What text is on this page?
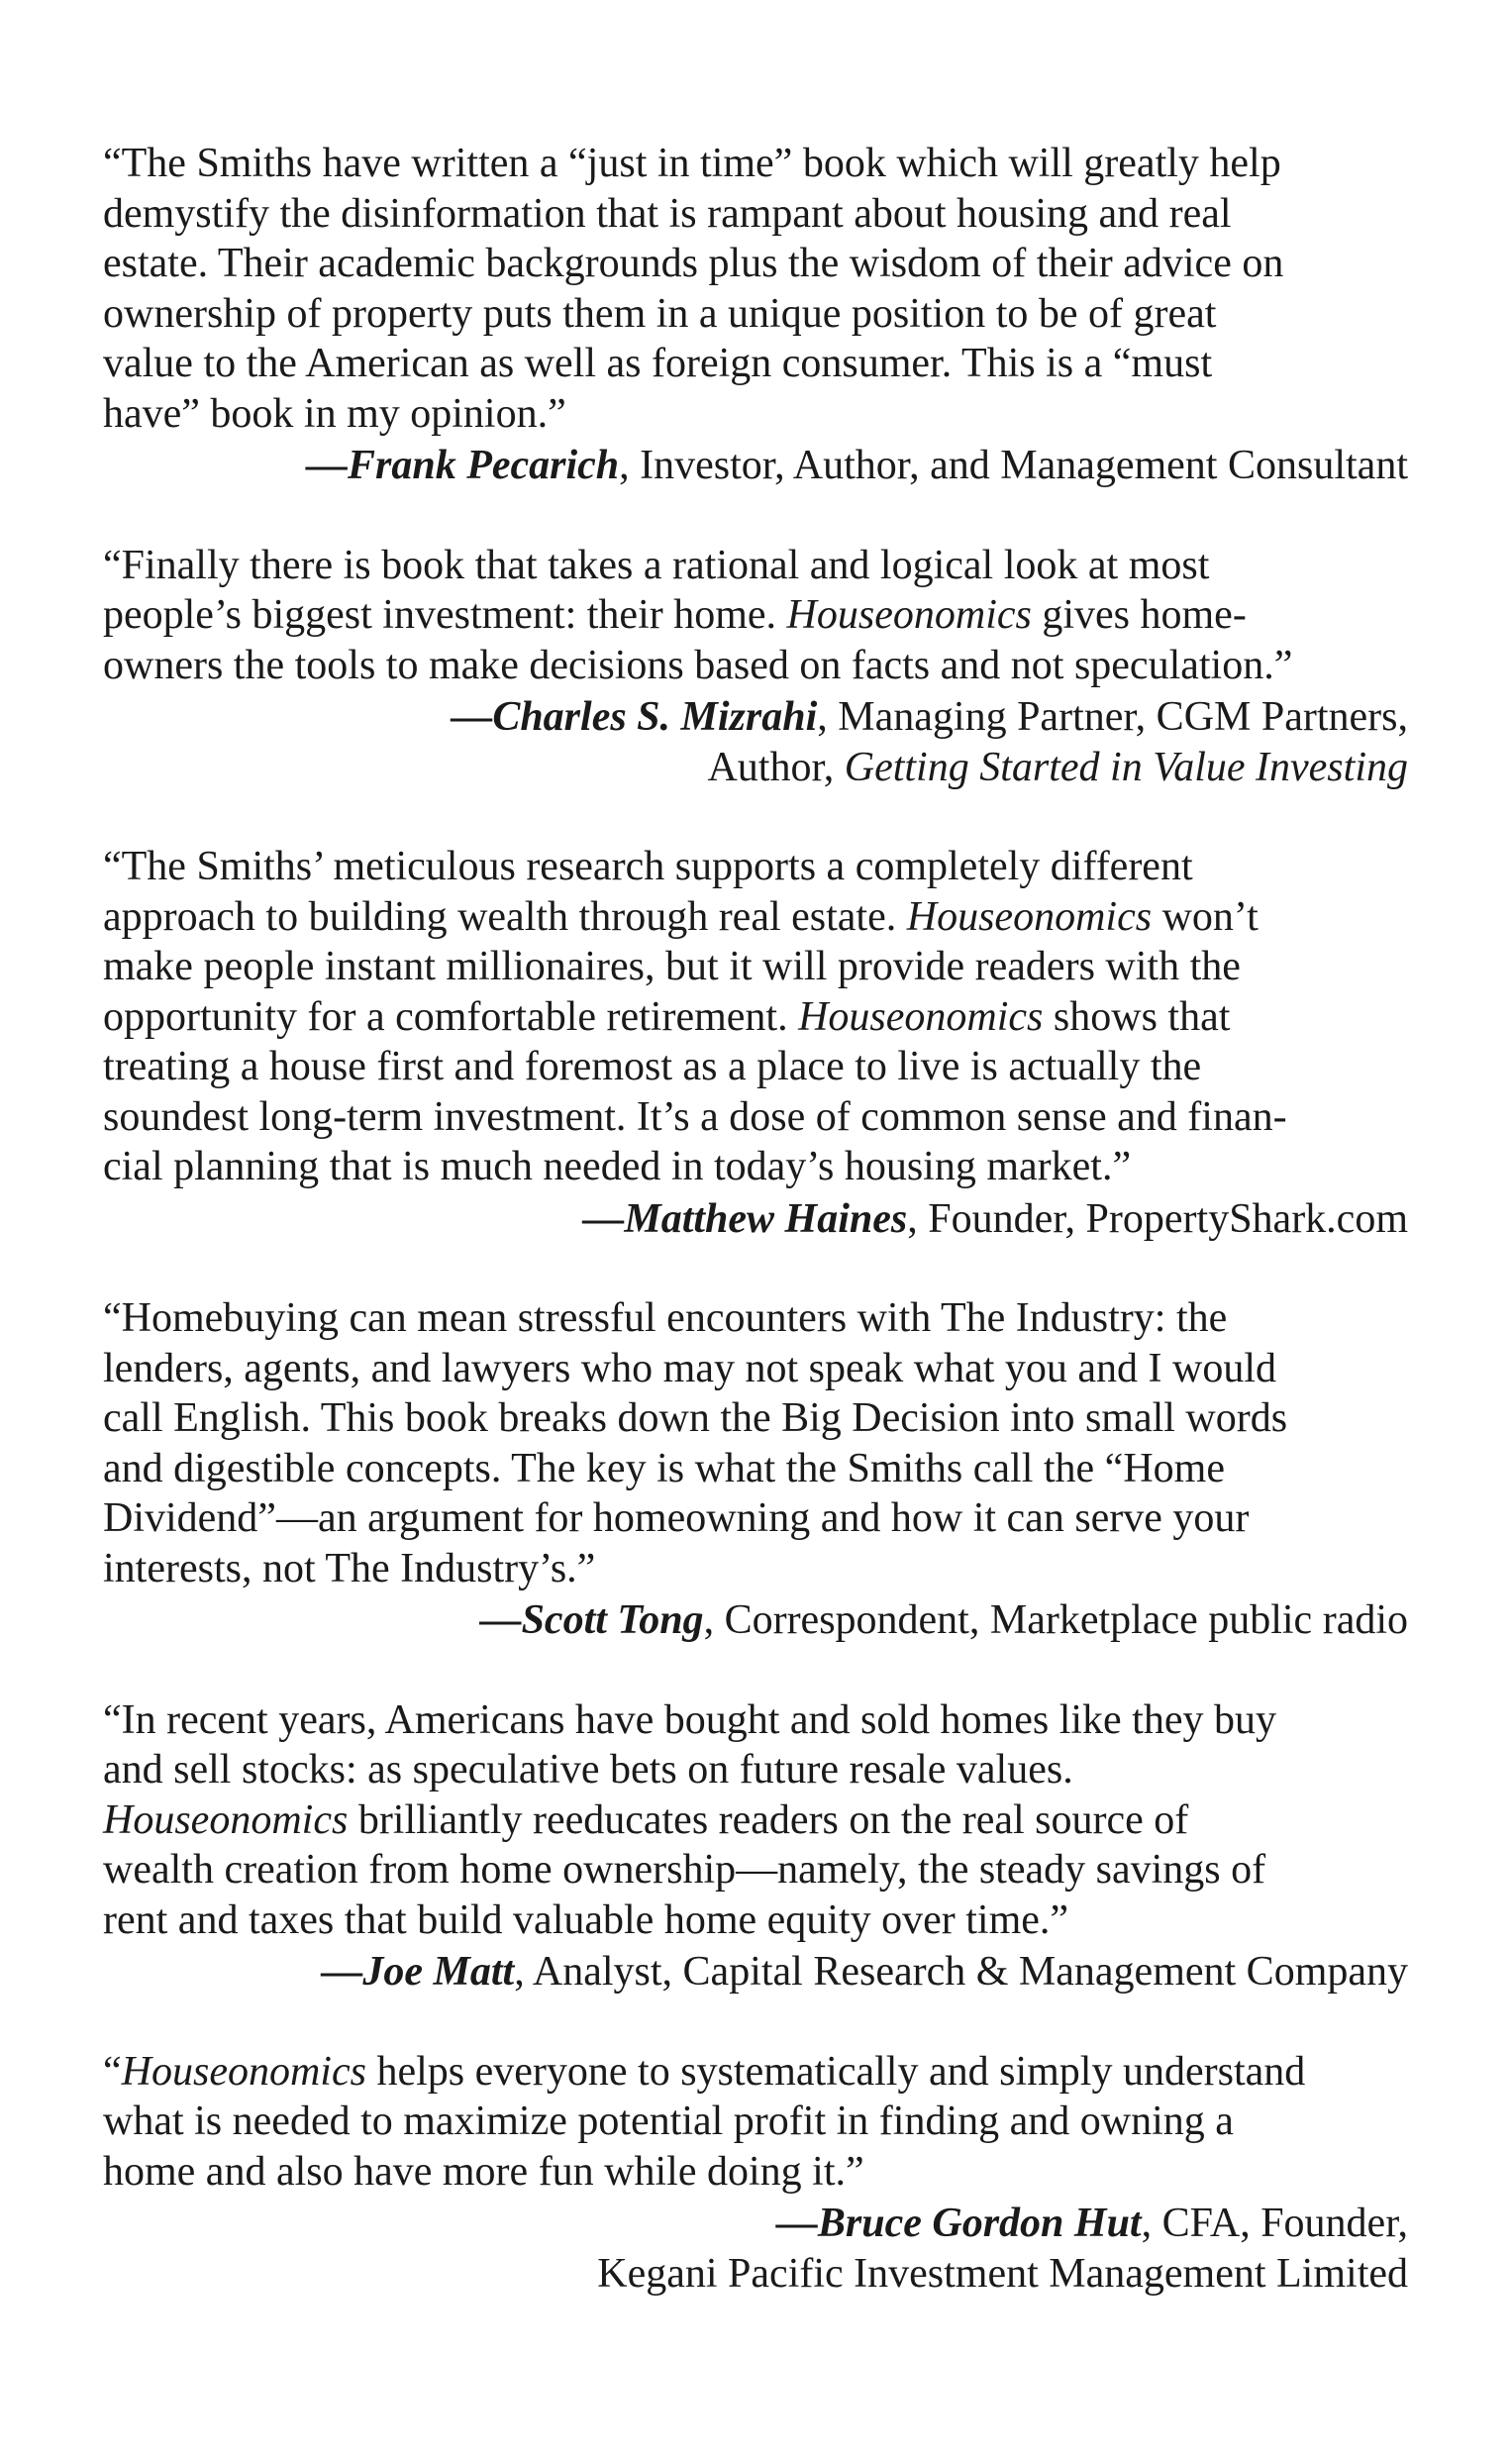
“The Smiths have written a “just in time” book which will greatly help
demystify the disinformation that is rampant about housing and real
estate. Their academic backgrounds plus the wisdom of their advice on
ownership of property puts them in a unique position to be of great
value to the American as well as foreign consumer. This is a “must
have” book in my opinion.”

—Frank Pecarich, Investor, Author, and Management Consultant

“Finally there is book that takes a rational and logical look at most
people’s biggest investment: their home. Houseonomics gives home-
owners the tools to make decisions based on facts and not speculation.”

—Charles S. Mizrahi, Managing Partner, CGM Partners,
Author, Getting Started in Value Investing

“The Smiths’ meticulous research supports a completely different
approach to building wealth through real estate. Houseonomics won’t
make people instant millionaires, but it will provide readers with the
opportunity for a comfortable retirement. Houseonomics shows that
treating a house first and foremost as a place to live is actually the
soundest long-term investment. It’s a dose of common sense and finan-
cial planning that is much needed in today’s housing market.”

—Matthew Haines, Founder, PropertyShark.com

“Homebuying can mean stressful encounters with The Industry: the
lenders, agents, and lawyers who may not speak what you and I would
call English. This book breaks down the Big Decision into small words
and digestible concepts. The key is what the Smiths call the “Home
Dividend”—an argument for homeowning and how it can serve your
interests, not The Industry’s.”

—Scott Tong, Correspondent, Marketplace public radio

“In recent years, Americans have bought and sold homes like they buy
and sell stocks: as speculative bets on future resale values.
Houseonomics brilliantly reeducates readers on the real source of
wealth creation from home ownership—namely, the steady savings of
rent and taxes that build valuable home equity over time.”

—Joe Matt, Analyst, Capital Research & Management Company

“Houseonomics helps everyone to systematically and simply understand
what is needed to maximize potential profit in finding and owning a
home and also have more fun while doing it.”

—Bruce Gordon Hut, CFA, Founder,
Kegani Pacific Investment Management Limited
